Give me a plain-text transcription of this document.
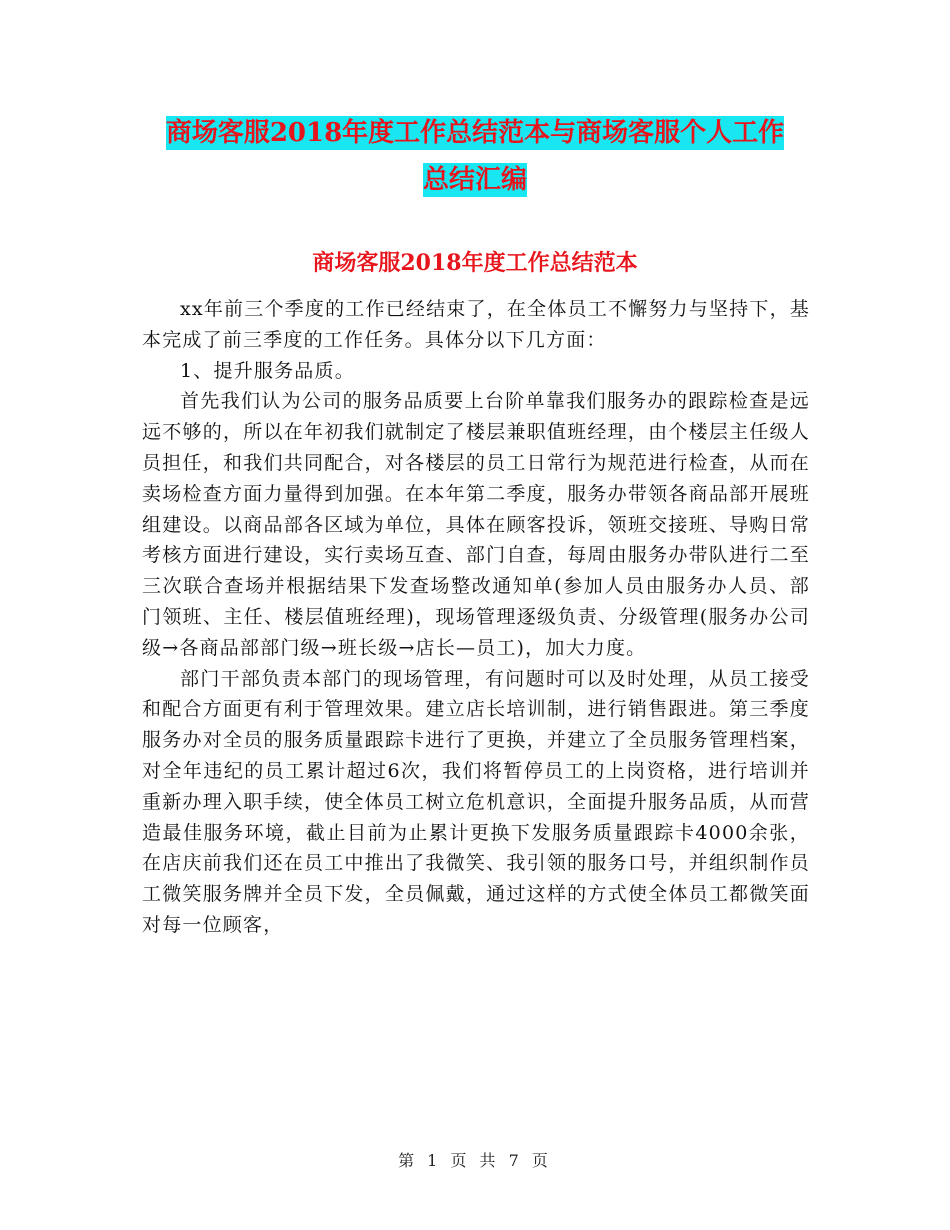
商场客服2018年度工作总结范本与商场客服个人工作
总结汇编
商场客服2018年度工作总结范本

xx年前三个季度的工作已经结束了，在全体员工不懈努力与坚持下，基本完成了前三季度的工作任务。具体分以下几方面：

1、提升服务品质。

首先我们认为公司的服务品质要上台阶单靠我们服务办的跟踪检查是远远不够的，所以在年初我们就制定了楼层兼职值班经理，由个楼层主任级人员担任，和我们共同配合，对各楼层的员工日常行为规范进行检查，从而在卖场检查方面力量得到加强。在本年第二季度，服务办带领各商品部开展班组建设。以商品部各区域为单位，具体在顾客投诉，领班交接班、导购日常考核方面进行建设，实行卖场互查、部门自查，每周由服务办带队进行二至三次联合查场并根据结果下发查场整改通知单(参加人员由服务办人员、部门领班、主任、楼层值班经理)，现场管理逐级负责、分级管理(服务办公司级→各商品部部门级→班长级→店长—员工)，加大力度。

部门干部负责本部门的现场管理，有问题时可以及时处理，从员工接受和配合方面更有利于管理效果。建立店长培训制，进行销售跟进。第三季度服务办对全员的服务质量跟踪卡进行了更换，并建立了全员服务管理档案，对全年违纪的员工累计超过6次，我们将暂停员工的上岗资格，进行培训并重新办理入职手续，使全体员工树立危机意识，全面提升服务品质，从而营造最佳服务环境，截止目前为止累计更换下发服务质量跟踪卡4000余张，在店庆前我们还在员工中推出了我微笑、我引领的服务口号，并组织制作员工微笑服务牌并全员下发，全员佩戴，通过这样的方式使全体员工都微笑面对每一位顾客，

第 1 页 共 7 页
